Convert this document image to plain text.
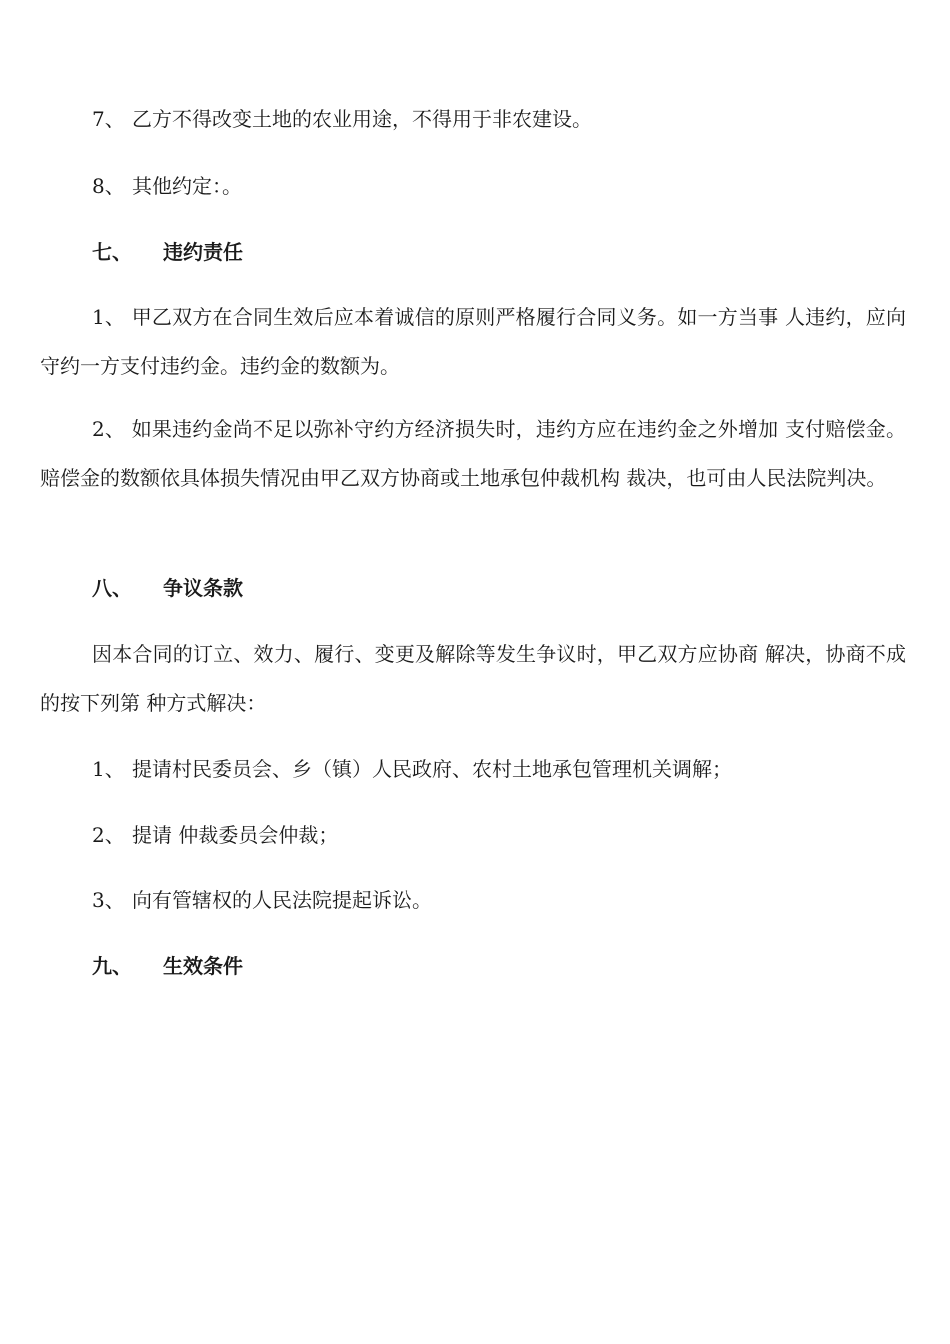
7、 乙方不得改变土地的农业用途，不得用于非农建设。
8、 其他约定：。
七、 违约责任
1、 甲乙双方在合同生效后应本着诚信的原则严格履行合同义务。如一方当事 人违约，应向守约一方支付违约金。违约金的数额为。
2、 如果违约金尚不足以弥补守约方经济损失时，违约方应在违约金之外增加 支付赔偿金。赔偿金的数额依具体损失情况由甲乙双方协商或土地承包仲裁机构 裁决，也可由人民法院判决。
八、 争议条款
因本合同的订立、效力、履行、变更及解除等发生争议时，甲乙双方应协商 解决，协商不成的按下列第 种方式解决：
1、 提请村民委员会、乡（镇）人民政府、农村土地承包管理机关调解；
2、 提请 仲裁委员会仲裁；
3、 向有管辖权的人民法院提起诉讼。
九、 生效条件
